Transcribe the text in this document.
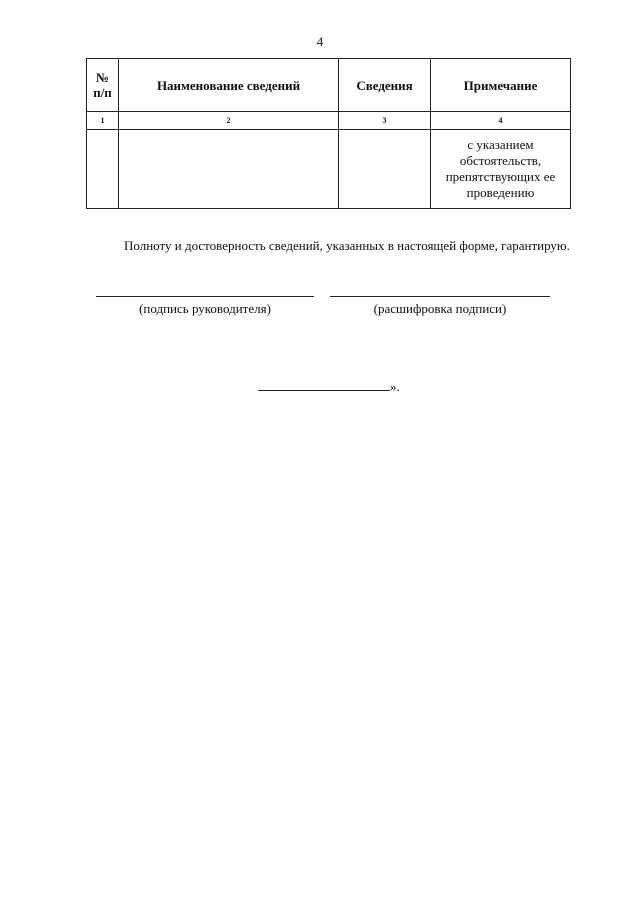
4
№
п/п	Наименование сведений	Сведения	Примечание
1	2	3	4
			с указанием обстоятельств, препятствующих ее проведению
Полноту и достоверность сведений, указанных в настоящей форме, гарантирую.
(подпись руководителя)	(расшифровка подписи)
».
